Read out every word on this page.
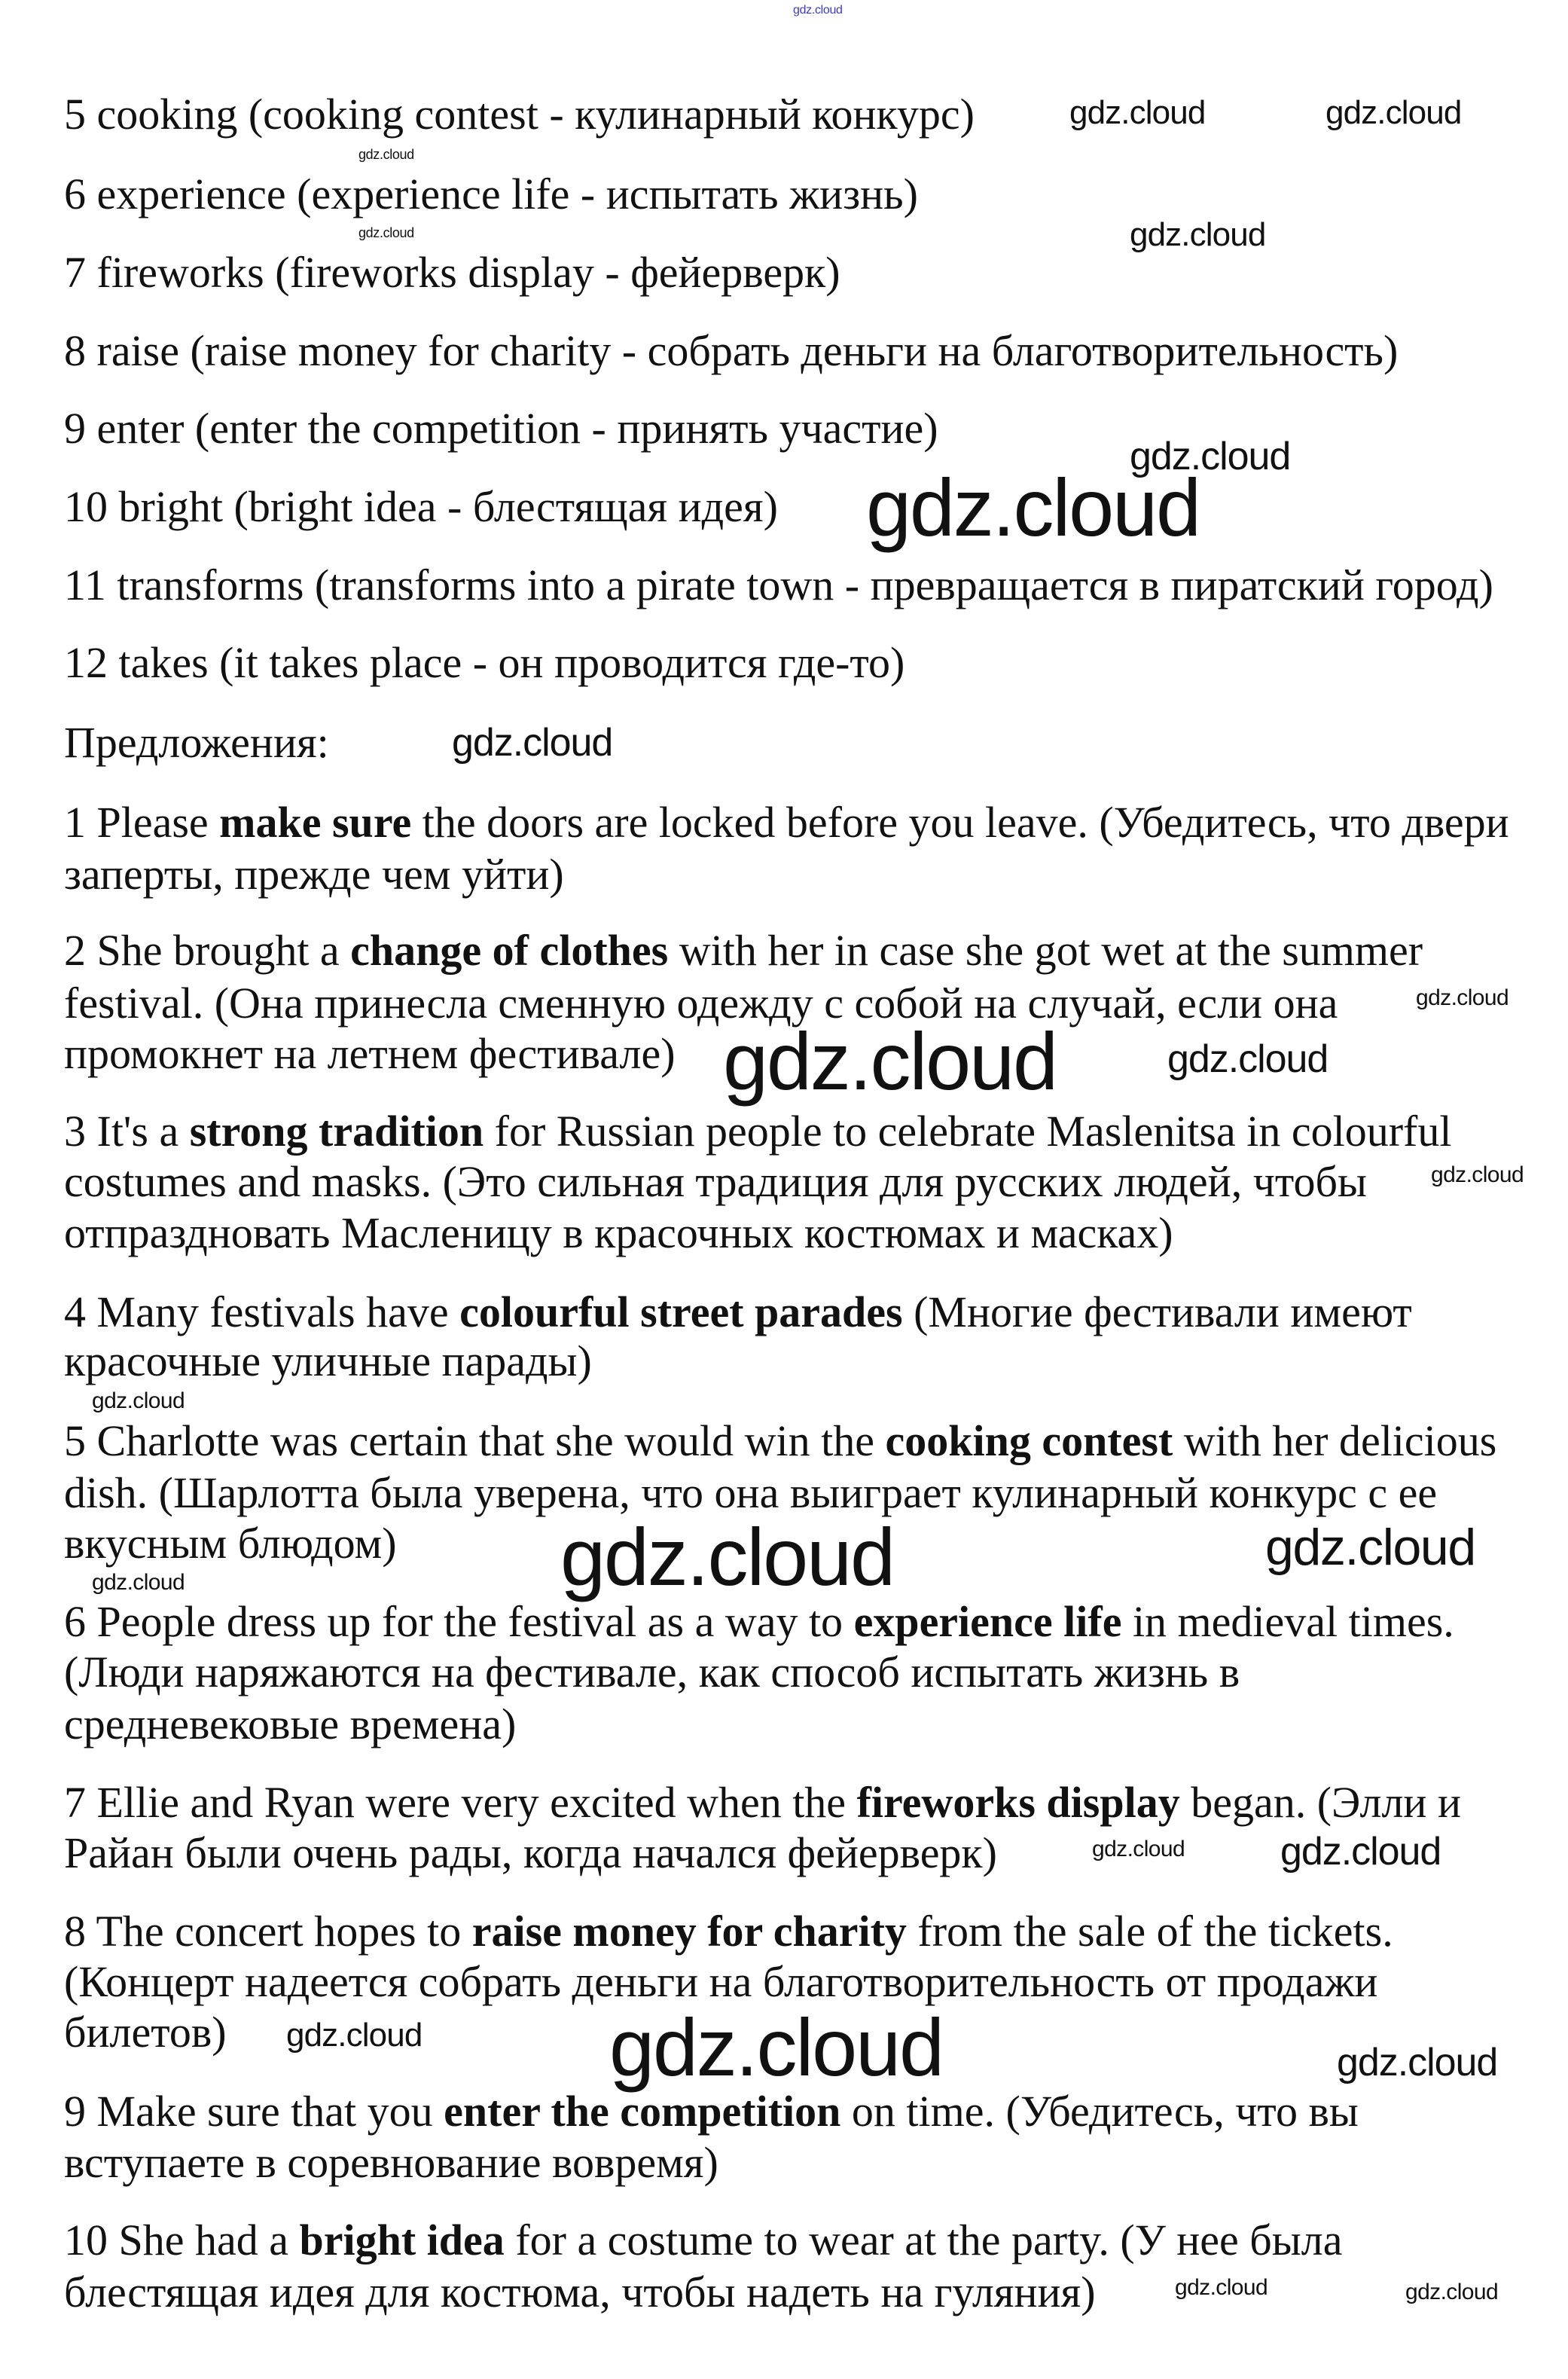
5 cooking (cooking contest - кулинарный конкурс)
6 experience (experience life - испытать жизнь)
7 fireworks (fireworks display - фейерверк)
8 raise (raise money for charity - собрать деньги на благотворительность)
9 enter (enter the competition - принять участие)
10 bright (bright idea - блестящая идея)
11 transforms (transforms into a pirate town - превращается в пиратский город)
12 takes (it takes place - он проводится где-то)
Предложения:
1 Please make sure the doors are locked before you leave. (Убедитесь, что двери
заперты, прежде чем уйти)
2 She brought a change of clothes with her in case she got wet at the summer
festival. (Она принесла сменную одежду с собой на случай, если она
промокнет на летнем фестивале)
3 It's a strong tradition for Russian people to celebrate Maslenitsa in colourful
costumes and masks. (Это сильная традиция для русских людей, чтобы
отпраздновать Масленицу в красочных костюмах и масках)
4 Many festivals have colourful street parades (Многие фестивали имеют
красочные уличные парады)
5 Charlotte was certain that she would win the cooking contest with her delicious
dish. (Шарлотта была уверена, что она выиграет кулинарный конкурс с ее
вкусным блюдом)
6 People dress up for the festival as a way to experience life in medieval times.
(Люди наряжаются на фестивале, как способ испытать жизнь в
средневековые времена)
7 Ellie and Ryan were very excited when the fireworks display began. (Элли и
Райан были очень рады, когда начался фейерверк)
8 The concert hopes to raise money for charity from the sale of the tickets.
(Концерт надеется собрать деньги на благотворительность от продажи
билетов)
9 Make sure that you enter the competition on time. (Убедитесь, что вы
вступаете в соревнование вовремя)
10 She had a bright idea for a costume to wear at the party. (У нее была
блестящая идея для костюма, чтобы надеть на гуляния)
gdz.cloud
gdz.cloud	gdz.cloud
gdz.cloud
gdz.cloud
gdz.cloud
gdz.cloud
gdz.cloud
gdz.cloud
gdz.cloud
gdz.cloud	gdz.cloud
gdz.cloud
gdz.cloud
gdz.cloud	gdz.cloud
gdz.cloud
gdz.cloud gdz.cloud
gdz.cloud gdz.cloud	gdz.cloud
gdz.cloud	gdz.cloud
